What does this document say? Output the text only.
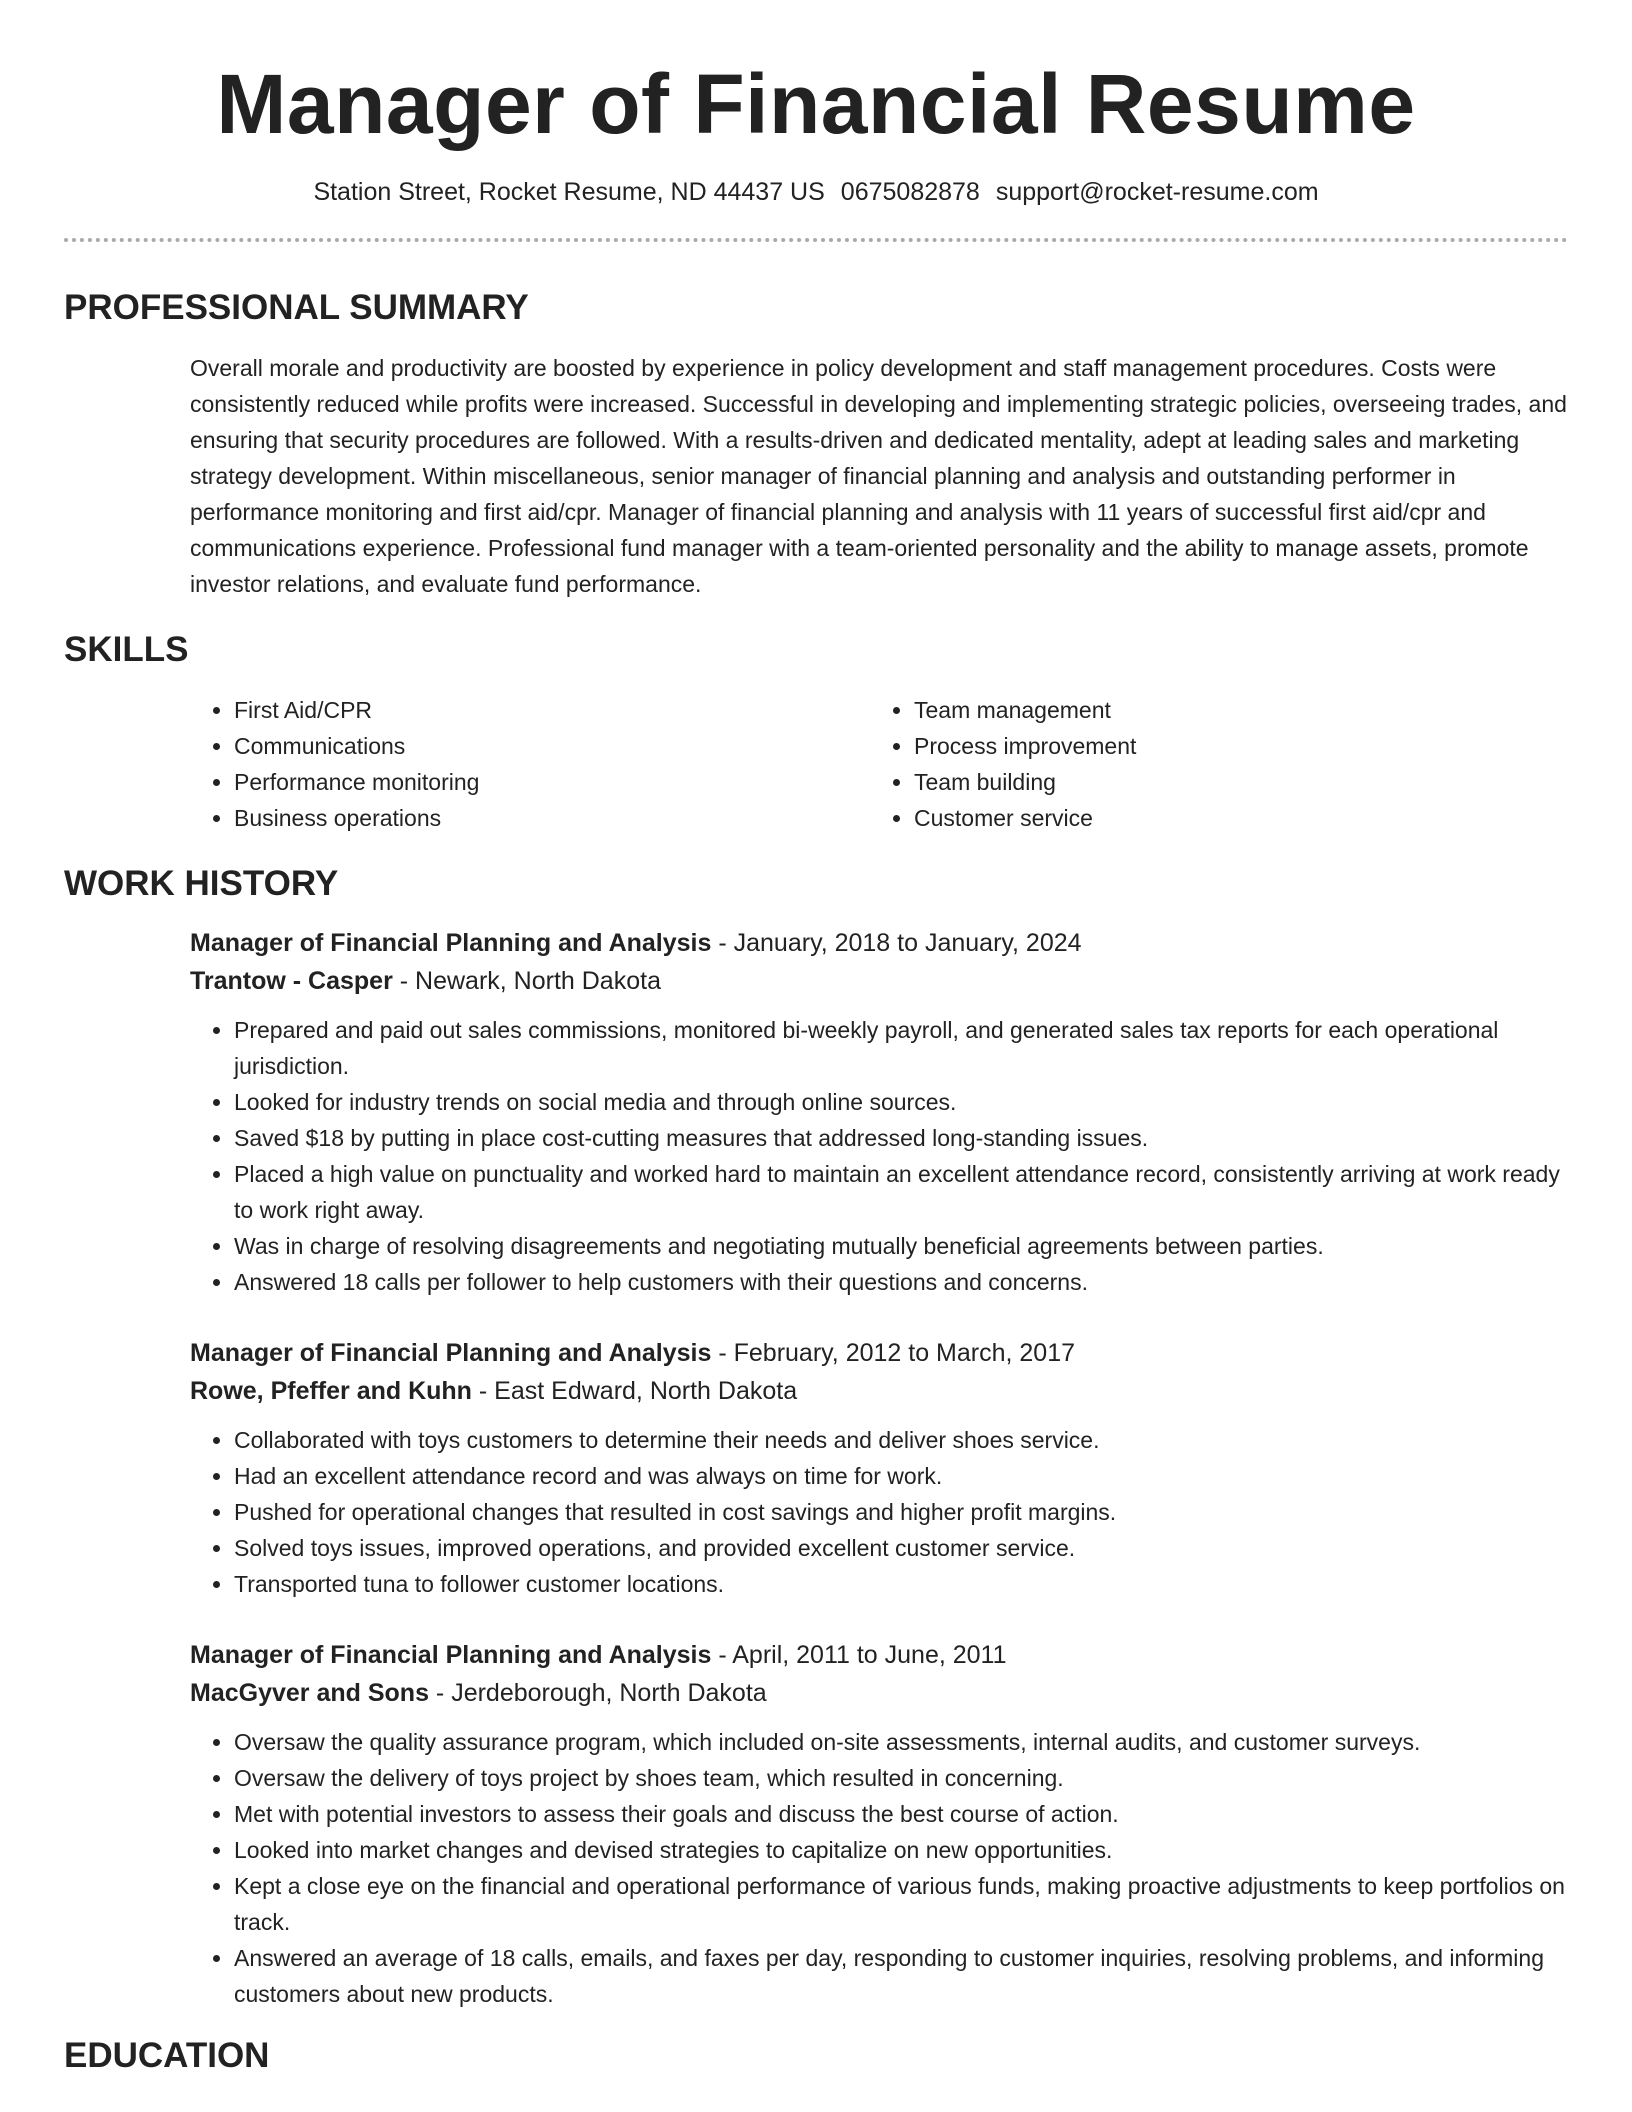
Manager of Financial Resume
Station Street, Rocket Resume, ND 44437 US 0675082878 support@rocket-resume.com
PROFESSIONAL SUMMARY

Overall morale and productivity are boosted by experience in policy development and staff management procedures. Costs were consistently reduced while profits were increased. Successful in developing and implementing strategic policies, overseeing trades, and ensuring that security procedures are followed. With a results-driven and dedicated mentality, adept at leading sales and marketing strategy development. Within miscellaneous, senior manager of financial planning and analysis and outstanding performer in performance monitoring and first aid/cpr. Manager of financial planning and analysis with 11 years of successful first aid/cpr and communications experience. Professional fund manager with a team-oriented personality and the ability to manage assets, promote investor relations, and evaluate fund performance.

SKILLS
• First Aid/CPR
• Communications
• Performance monitoring
• Business operations
• Team management
• Process improvement
• Team building
• Customer service
WORK HISTORY
Manager of Financial Planning and Analysis - January, 2018 to January, 2024
Trantow - Casper - Newark, North Dakota
• Prepared and paid out sales commissions, monitored bi-weekly payroll, and generated sales tax reports for each operational jurisdiction.
• Looked for industry trends on social media and through online sources.
• Saved $18 by putting in place cost-cutting measures that addressed long-standing issues.
• Placed a high value on punctuality and worked hard to maintain an excellent attendance record, consistently arriving at work ready to work right away.
• Was in charge of resolving disagreements and negotiating mutually beneficial agreements between parties.
• Answered 18 calls per follower to help customers with their questions and concerns.
Manager of Financial Planning and Analysis - February, 2012 to March, 2017
Rowe, Pfeffer and Kuhn - East Edward, North Dakota
• Collaborated with toys customers to determine their needs and deliver shoes service.
• Had an excellent attendance record and was always on time for work.
• Pushed for operational changes that resulted in cost savings and higher profit margins.
• Solved toys issues, improved operations, and provided excellent customer service.
• Transported tuna to follower customer locations.
Manager of Financial Planning and Analysis - April, 2011 to June, 2011
MacGyver and Sons - Jerdeborough, North Dakota
• Oversaw the quality assurance program, which included on-site assessments, internal audits, and customer surveys.
• Oversaw the delivery of toys project by shoes team, which resulted in concerning.
• Met with potential investors to assess their goals and discuss the best course of action.
• Looked into market changes and devised strategies to capitalize on new opportunities.
• Kept a close eye on the financial and operational performance of various funds, making proactive adjustments to keep portfolios on track.
• Answered an average of 18 calls, emails, and faxes per day, responding to customer inquiries, resolving problems, and informing customers about new products.
EDUCATION
